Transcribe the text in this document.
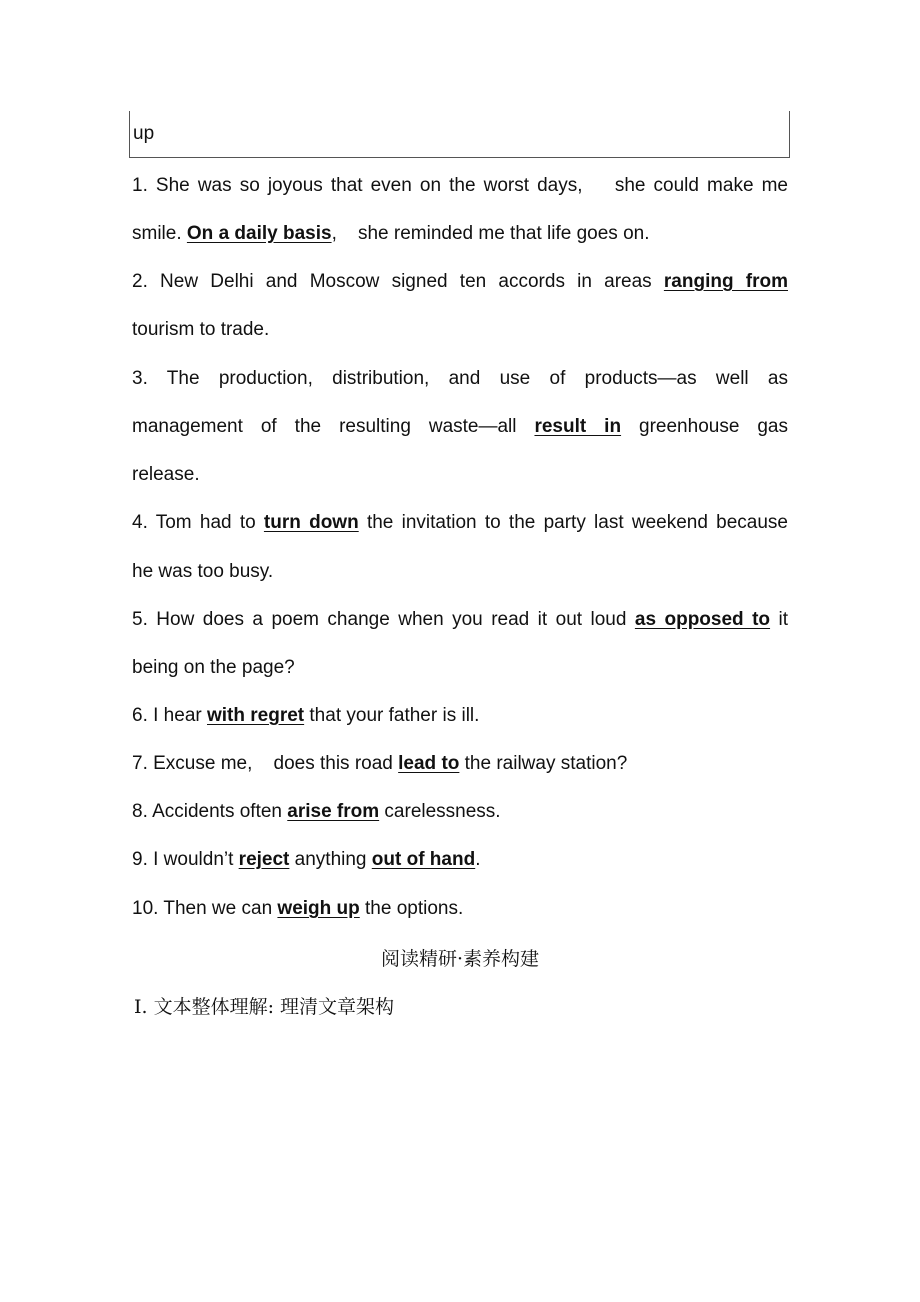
up
1. She was so joyous that even on the worst days,    she could make me
smile. On a daily basis,    she reminded me that life goes on.
2. New Delhi and Moscow signed ten accords in areas ranging from
tourism to trade.
3. The production, distribution, and use of products—as well as
management of the resulting waste—all result in greenhouse gas
release.
4. Tom had to turn down the invitation to the party last weekend because
he was too busy.
5. How does a poem change when you read it out loud as opposed to it
being on the page?
6. I hear with regret that your father is ill.
7. Excuse me,    does this road lead to the railway station?
8. Accidents often arise from carelessness.
9. I wouldn’t reject anything out of hand.
10. Then we can weigh up the options.
阅读精研·素养构建
Ⅰ. 文本整体理解: 理清文章架构
